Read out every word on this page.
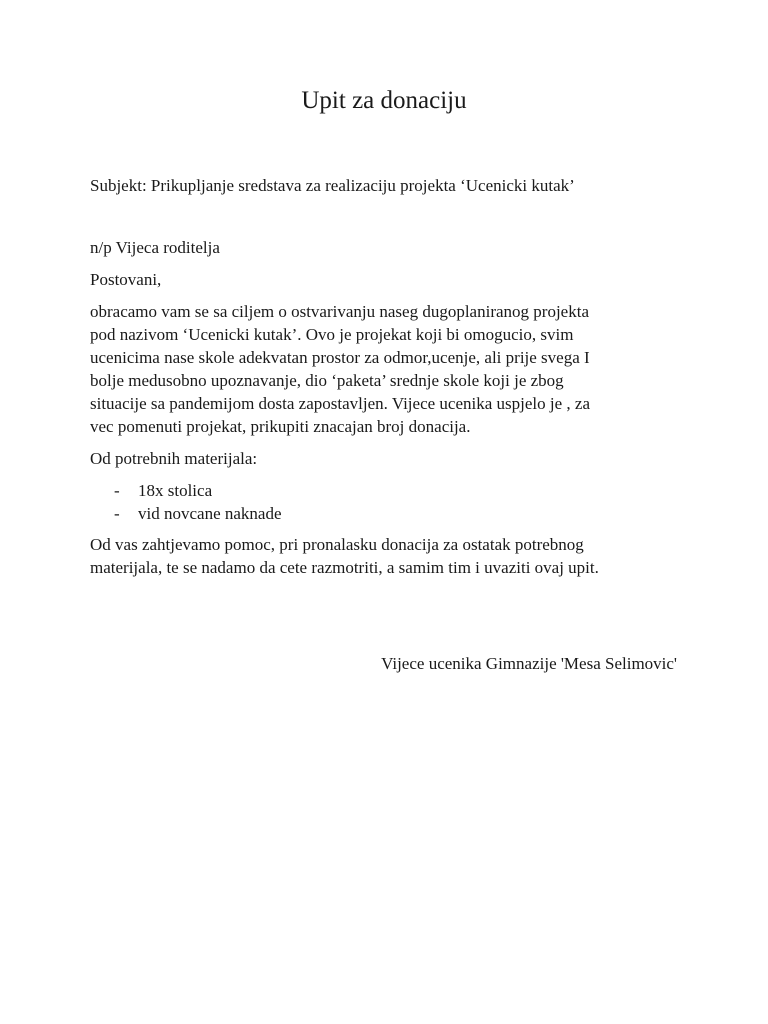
Upit za donaciju

Subjekt: Prikupljanje sredstava za realizaciju projekta ‘Ucenicki kutak’

n/p Vijeca roditelja

Postovani,

obracamo vam se sa ciljem o ostvarivanju naseg dugoplaniranog projekta
pod nazivom ‘Ucenicki kutak’. Ovo je projekat koji bi omogucio, svim
ucenicima nase skole adekvatan prostor za odmor,ucenje, ali prije svega I
bolje medusobno upoznavanje, dio ‘paketa’ srednje skole koji je zbog
situacije sa pandemijom dosta zapostavljen. Vijece ucenika uspjelo je , za
vec pomenuti projekat, prikupiti znacajan broj donacija.

Od potrebnih materijala:

- 18x stolica
- vid novcane naknade
Od vas zahtjevamo pomoc, pri pronalasku donacija za ostatak potrebnog
materijala, te se nadamo da cete razmotriti, a samim tim i uvaziti ovaj upit.

Vijece ucenika Gimnazije 'Mesa Selimovic'
